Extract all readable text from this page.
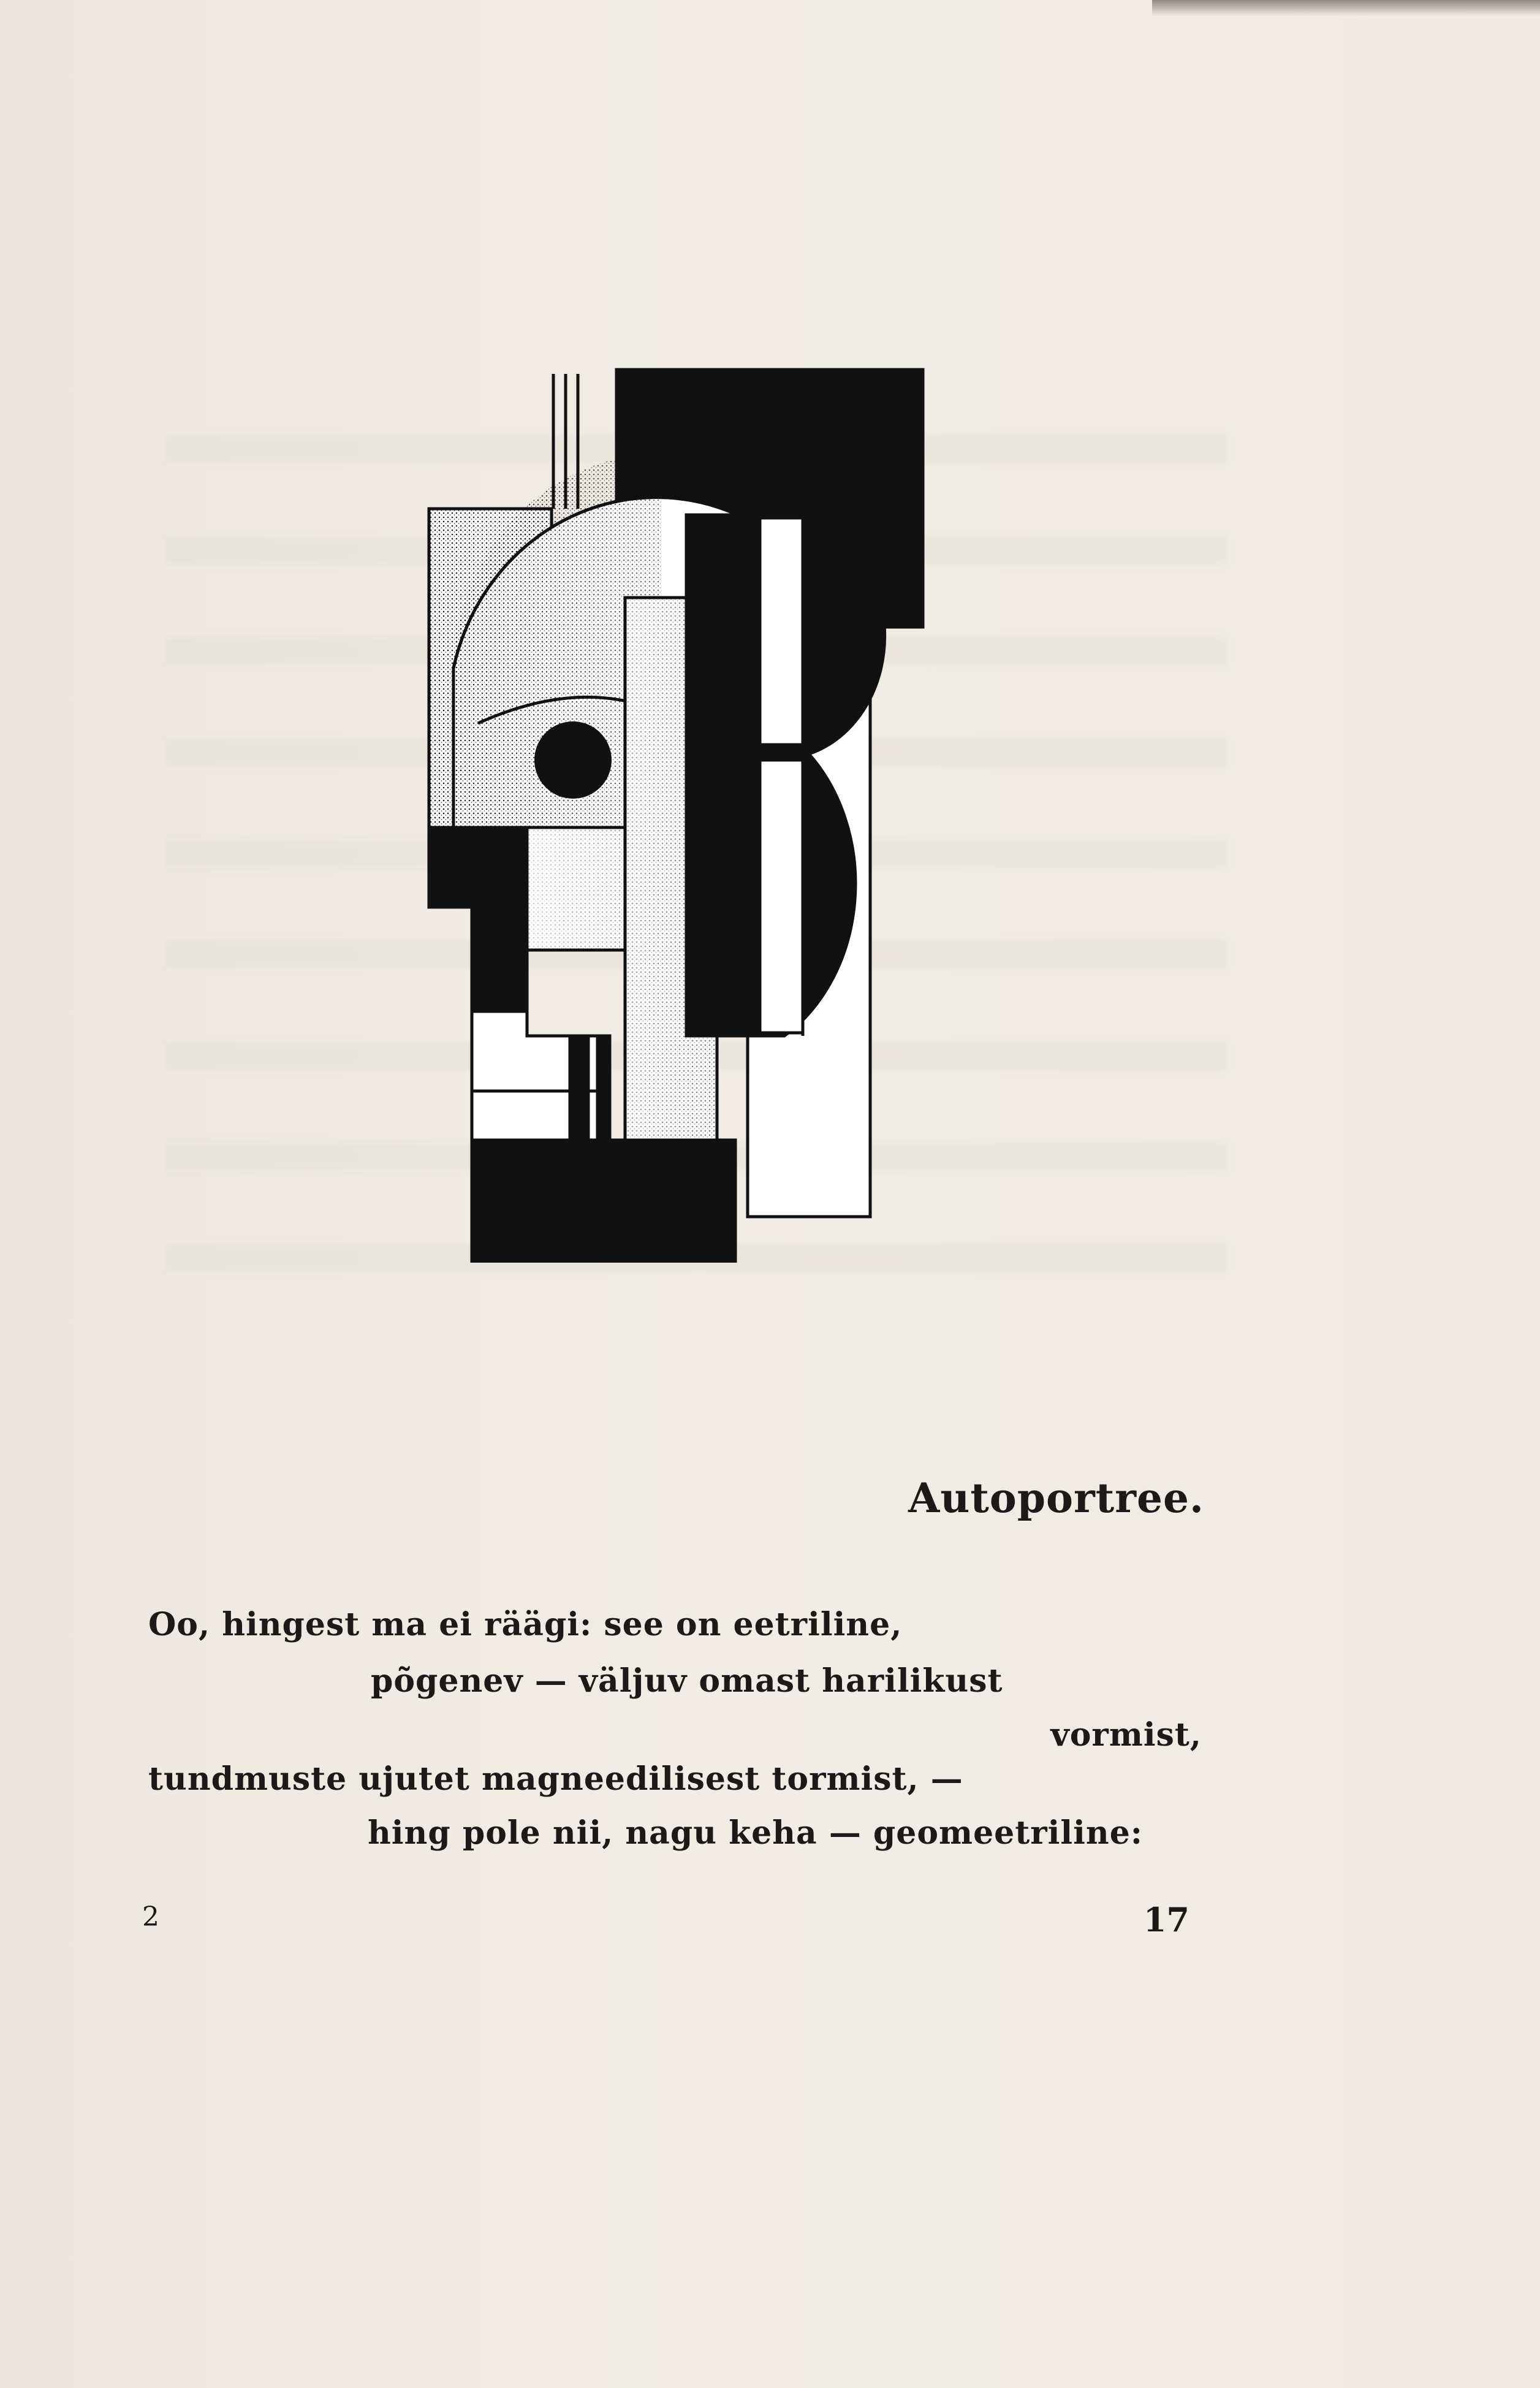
Autoportree.
Oo, hingest ma ei räägi: see on eetriline,
põgenev — väljuv omast harilikust
vormist,
tundmuste ujutet magneedilisest tormist, —
hing pole nii, nagu keha — geomeetriline:
2	17
